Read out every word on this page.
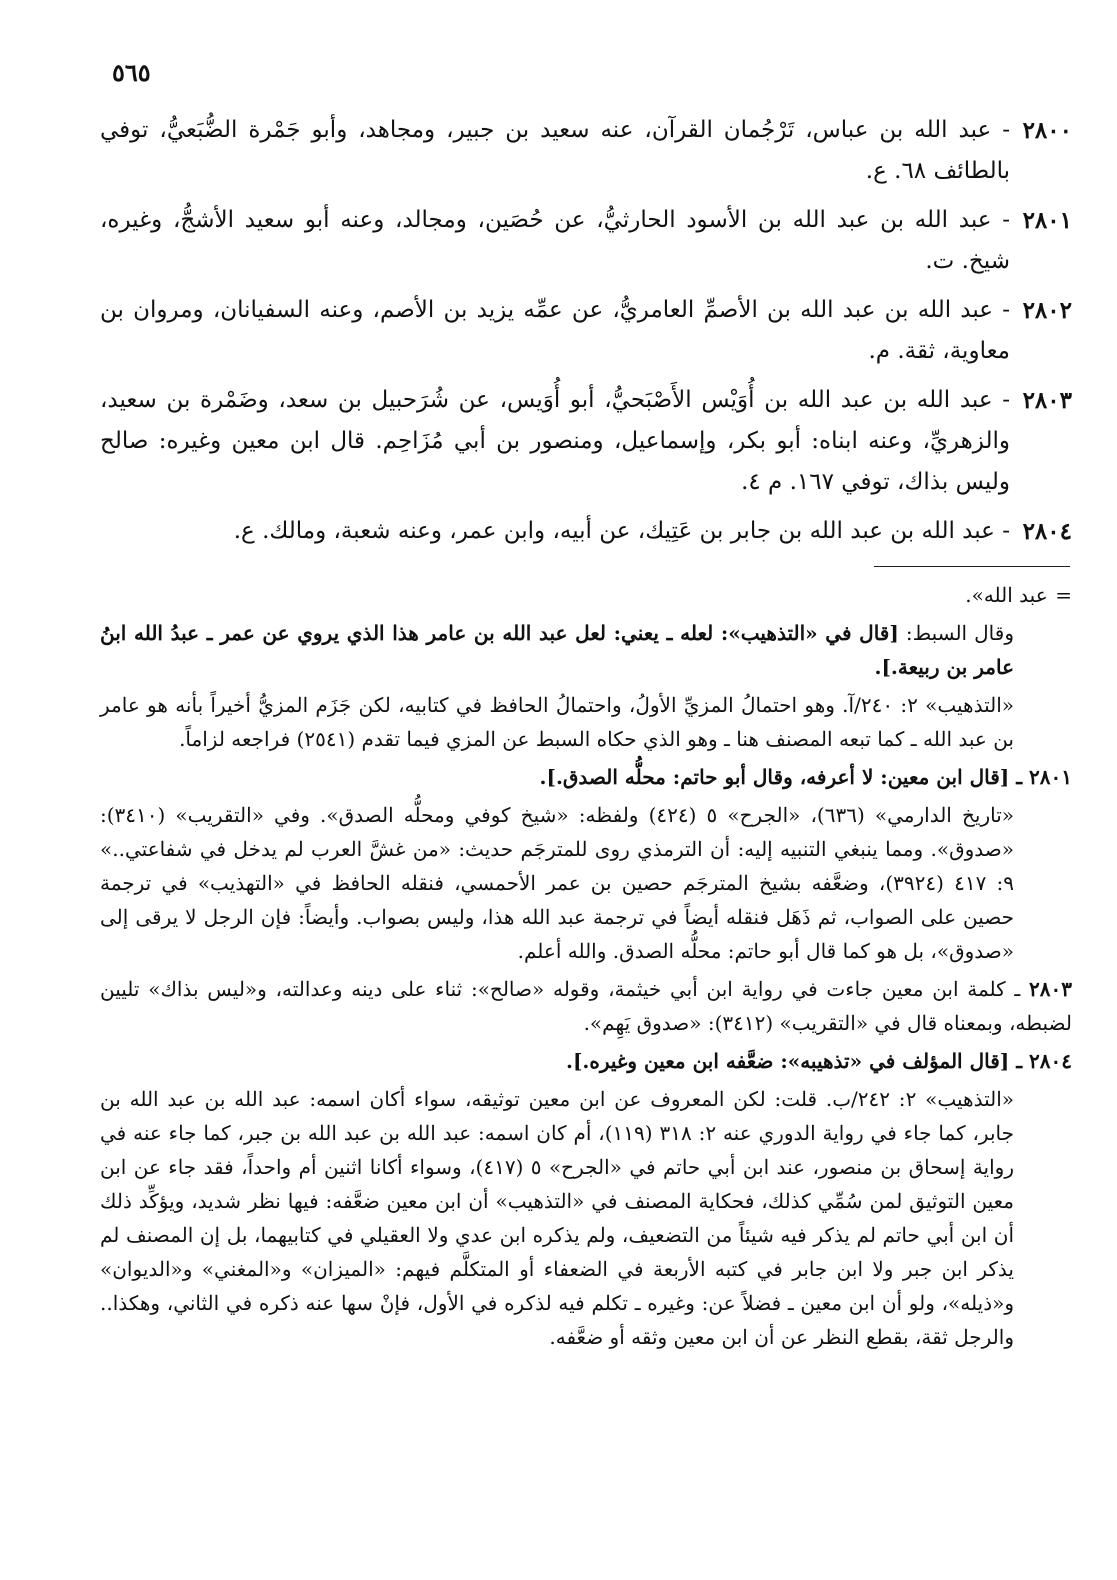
٥٦٥
٢٨٠٠
- عبد الله بن عباس، تَرْجُمان القرآن، عنه سعيد بن جبير، ومجاهد، وأبو جَمْرة الضُّبَعيُّ، توفي بالطائف ٦٨. ع.
٢٨٠١
- عبد الله بن عبد الله بن الأسود الحارثيُّ، عن حُصَين، ومجالد، وعنه أبو سعيد الأشجُّ، وغيره، شيخ. ت.
٢٨٠٢
- عبد الله بن عبد الله بن الأصمِّ العامريُّ، عن عمِّه يزيد بن الأصم، وعنه السفيانان، ومروان بن معاوية، ثقة. م.
٢٨٠٣
- عبد الله بن عبد الله بن أُوَيْس الأَصْبَحيُّ، أبو أُوَيس، عن شُرَحبيل بن سعد، وضَمْرة بن سعيد، والزهريِّ، وعنه ابناه: أبو بكر، وإسماعيل، ومنصور بن أبي مُزَاحِم. قال ابن معين وغيره: صالح وليس بذاك، توفي ١٦٧. م ٤.
٢٨٠٤
- عبد الله بن عبد الله بن جابر بن عَتِيك، عن أبيه، وابن عمر، وعنه شعبة، ومالك. ع.

= عبد الله».

وقال السبط: [قال في «التذهيب»: لعله ـ يعني: لعل عبد الله بن عامر هذا الذي يروي عن عمر ـ عبدُ الله ابنُ عامر بن ربيعة.].

«التذهيب» ٢: ٢٤٠/آ. وهو احتمالُ المزيِّ الأولُ، واحتمالُ الحافظ في كتابيه، لكن جَزَم المزيُّ أخيراً بأنه هو عامر بن عبد الله ـ كما تبعه المصنف هنا ـ وهو الذي حكاه السبط عن المزي فيما تقدم (٢٥٤١) فراجعه لزاماً.

٢٨٠١ ـ [قال ابن معين: لا أعرفه، وقال أبو حاتم: محلُّه الصدق.].

«تاريخ الدارمي» (٦٣٦)، «الجرح» ٥ (٤٢٤) ولفظه: «شيخ كوفي ومحلُّه الصدق». وفي «التقريب» (٣٤١٠): «صدوق». ومما ينبغي التنبيه إليه: أن الترمذي روى للمترجَم حديث: «من غشَّ العرب لم يدخل في شفاعتي..» ٩: ٤١٧ (٣٩٢٤)، وضعَّفه بشيخ المترجَم حصين بن عمر الأحمسي، فنقله الحافظ في «التهذيب» في ترجمة حصين على الصواب، ثم ذَهَل فنقله أيضاً في ترجمة عبد الله هذا، وليس بصواب. وأيضاً: فإن الرجل لا يرقى إلى «صدوق»، بل هو كما قال أبو حاتم: محلُّه الصدق. والله أعلم.

٢٨٠٣ ـ كلمة ابن معين جاءت في رواية ابن أبي خيثمة، وقوله «صالح»: ثناء على دينه وعدالته، و«ليس بذاك» تليين لضبطه، وبمعناه قال في «التقريب» (٣٤١٢): «صدوق يَهِم».

٢٨٠٤ ـ [قال المؤلف في «تذهيبه»: ضعَّفه ابن معين وغيره.].

«التذهيب» ٢: ٢٤٢/ب. قلت: لكن المعروف عن ابن معين توثيقه، سواء أكان اسمه: عبد الله بن عبد الله بن جابر، كما جاء في رواية الدوري عنه ٢: ٣١٨ (١١٩)، أم كان اسمه: عبد الله بن عبد الله بن جبر، كما جاء عنه في رواية إسحاق بن منصور، عند ابن أبي حاتم في «الجرح» ٥ (٤١٧)، وسواء أكانا اثنين أم واحداً، فقد جاء عن ابن معين التوثيق لمن سُمِّي كذلك، فحكاية المصنف في «التذهيب» أن ابن معين ضعَّفه: فيها نظر شديد، ويؤكِّد ذلك أن ابن أبي حاتم لم يذكر فيه شيئاً من التضعيف، ولم يذكره ابن عدي ولا العقيلي في كتابيهما، بل إن المصنف لم يذكر ابن جبر ولا ابن جابر في كتبه الأربعة في الضعفاء أو المتكلَّم فيهم: «الميزان» و«المغني» و«الديوان» و«ذيله»، ولو أن ابن معين ـ فضلاً عن: وغيره ـ تكلم فيه لذكره في الأول، فإنْ سها عنه ذكره في الثاني، وهكذا.. والرجل ثقة، بقطع النظر عن أن ابن معين وثقه أو ضعَّفه.
